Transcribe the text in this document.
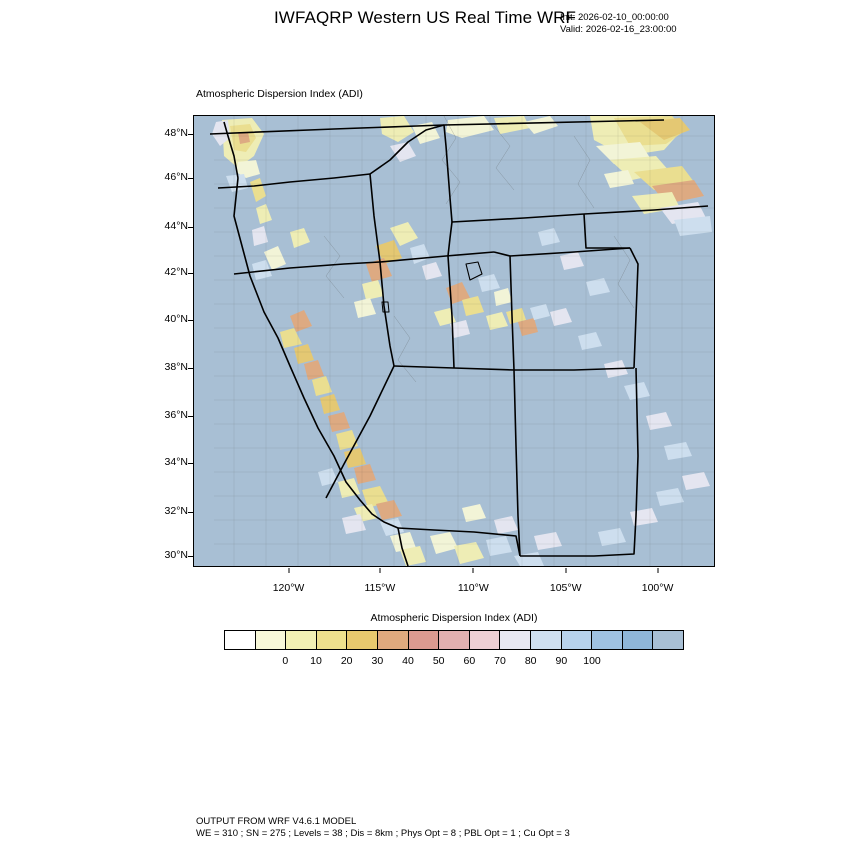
IWFAQRP Western US Real Time WRF
Init: 2026-02-10_00:00:00
Valid: 2026-02-16_23:00:00
Atmospheric Dispersion Index (ADI)
48°N
46°N
44°N
42°N
40°N
38°N
36°N
34°N
32°N
30°N
120°W	115°W	110°W	105°W	100°W
Atmospheric Dispersion Index (ADI)
0 10 20 30 40 50 60 70 80 90 100
OUTPUT FROM WRF V4.6.1 MODEL
WE = 310 ; SN = 275 ; Levels = 38 ; Dis = 8km ; Phys Opt = 8 ; PBL Opt = 1 ; Cu Opt = 3
